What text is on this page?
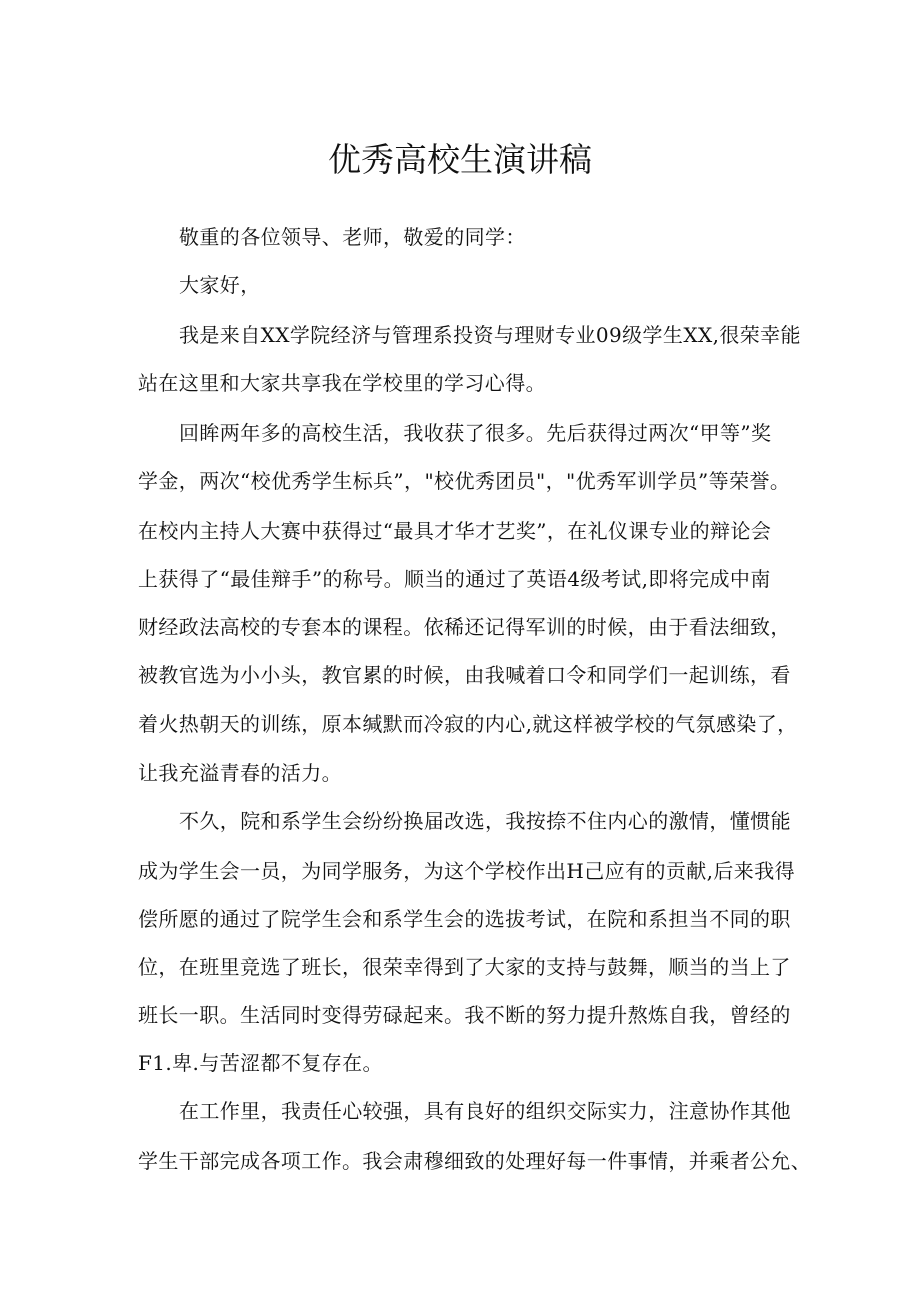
优秀高校生演讲稿
敬重的各位领导、老师，敬爱的同学：
大家好，
我是来自XX学院经济与管理系投资与理财专业09级学生XX,很荣幸能
站在这里和大家共享我在学校里的学习心得。
回眸两年多的高校生活，我收获了很多。先后获得过两次“甲等”奖
学金，两次“校优秀学生标兵”，"校优秀团员"，"优秀军训学员”等荣誉。
在校内主持人大赛中获得过“最具才华才艺奖”，在礼仪课专业的辩论会
上获得了“最佳辩手”的称号。顺当的通过了英语4级考试,即将完成中南
财经政法高校的专套本的课程。依稀还记得军训的时候，由于看法细致，
被教官选为小小头，教官累的时候，由我喊着口令和同学们一起训练，看
着火热朝天的训练，原本缄默而冷寂的内心,就这样被学校的气氛感染了，
让我充溢青春的活力。
不久，院和系学生会纷纷换届改选，我按捺不住内心的激情，懂惯能
成为学生会一员，为同学服务，为这个学校作出H己应有的贡献,后来我得
偿所愿的通过了院学生会和系学生会的选拔考试，在院和系担当不同的职
位，在班里竞选了班长，很荣幸得到了大家的支持与鼓舞，顺当的当上了
班长一职。生活同时变得劳碌起来。我不断的努力提升熬炼自我，曾经的
F1.卑.与苦涩都不复存在。
在工作里，我责任心较强，具有良好的组织交际实力，注意协作其他
学生干部完成各项工作。我会肃穆细致的处理好每一件事情，并乘者公允、
